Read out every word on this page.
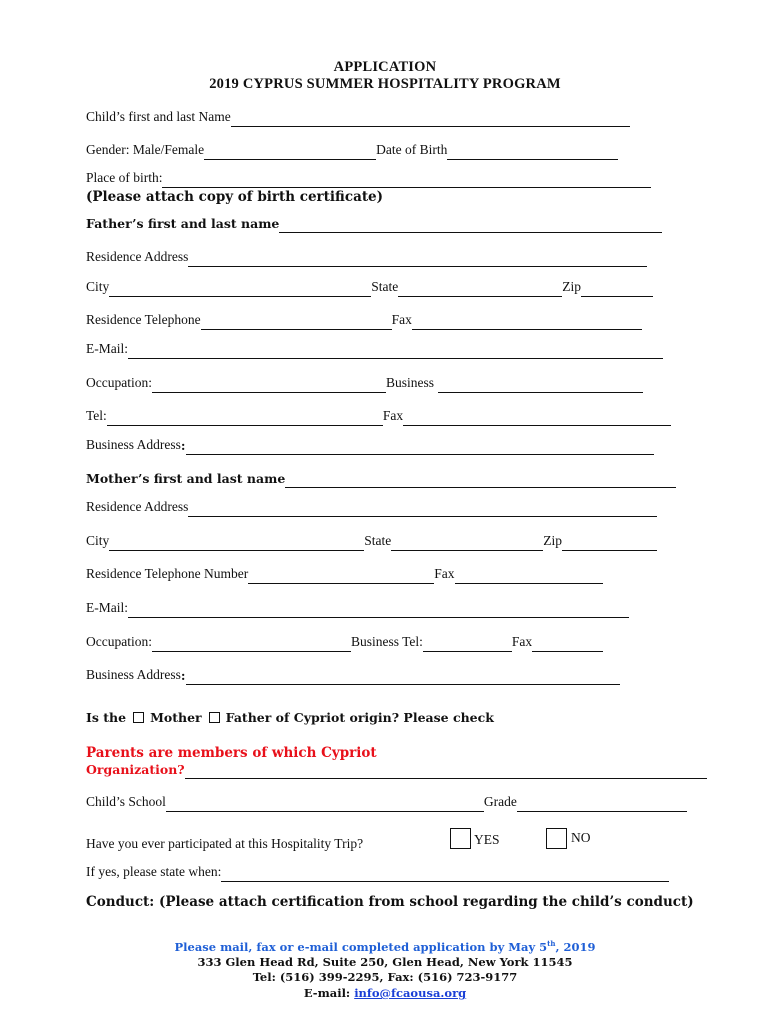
APPLICATION
2019 CYPRUS SUMMER HOSPITALITY PROGRAM
Child’s first and last Name
Gender: Male/Female	Date of Birth
Place of birth:
(Please attach copy of birth certificate)
Father’s first and last name
Residence Address
City	State	Zip
Residence Telephone	Fax
E-Mail:
Occupation:	Business
Tel:	Fax
Business Address :
Mother’s first and last name
Residence Address
City	State	Zip
Residence Telephone Number	Fax
E-Mail:
Occupation:	Business Tel:	Fax
Business Address :
Is the Mother Father of Cypriot origin? Please check
Parents are members of which Cypriot
Organization?
Child’s School	Grade
Have you ever participated at this Hospitality Trip?	YES	NO
If yes, please state when:
Conduct: (Please attach certification from school regarding the child’s conduct)
Please mail, fax or e-mail completed application by May 5th, 2019
333 Glen Head Rd, Suite 250, Glen Head, New York 11545
Tel: (516) 399-2295, Fax: (516) 723-9177
E-mail: info@fcaousa.org
